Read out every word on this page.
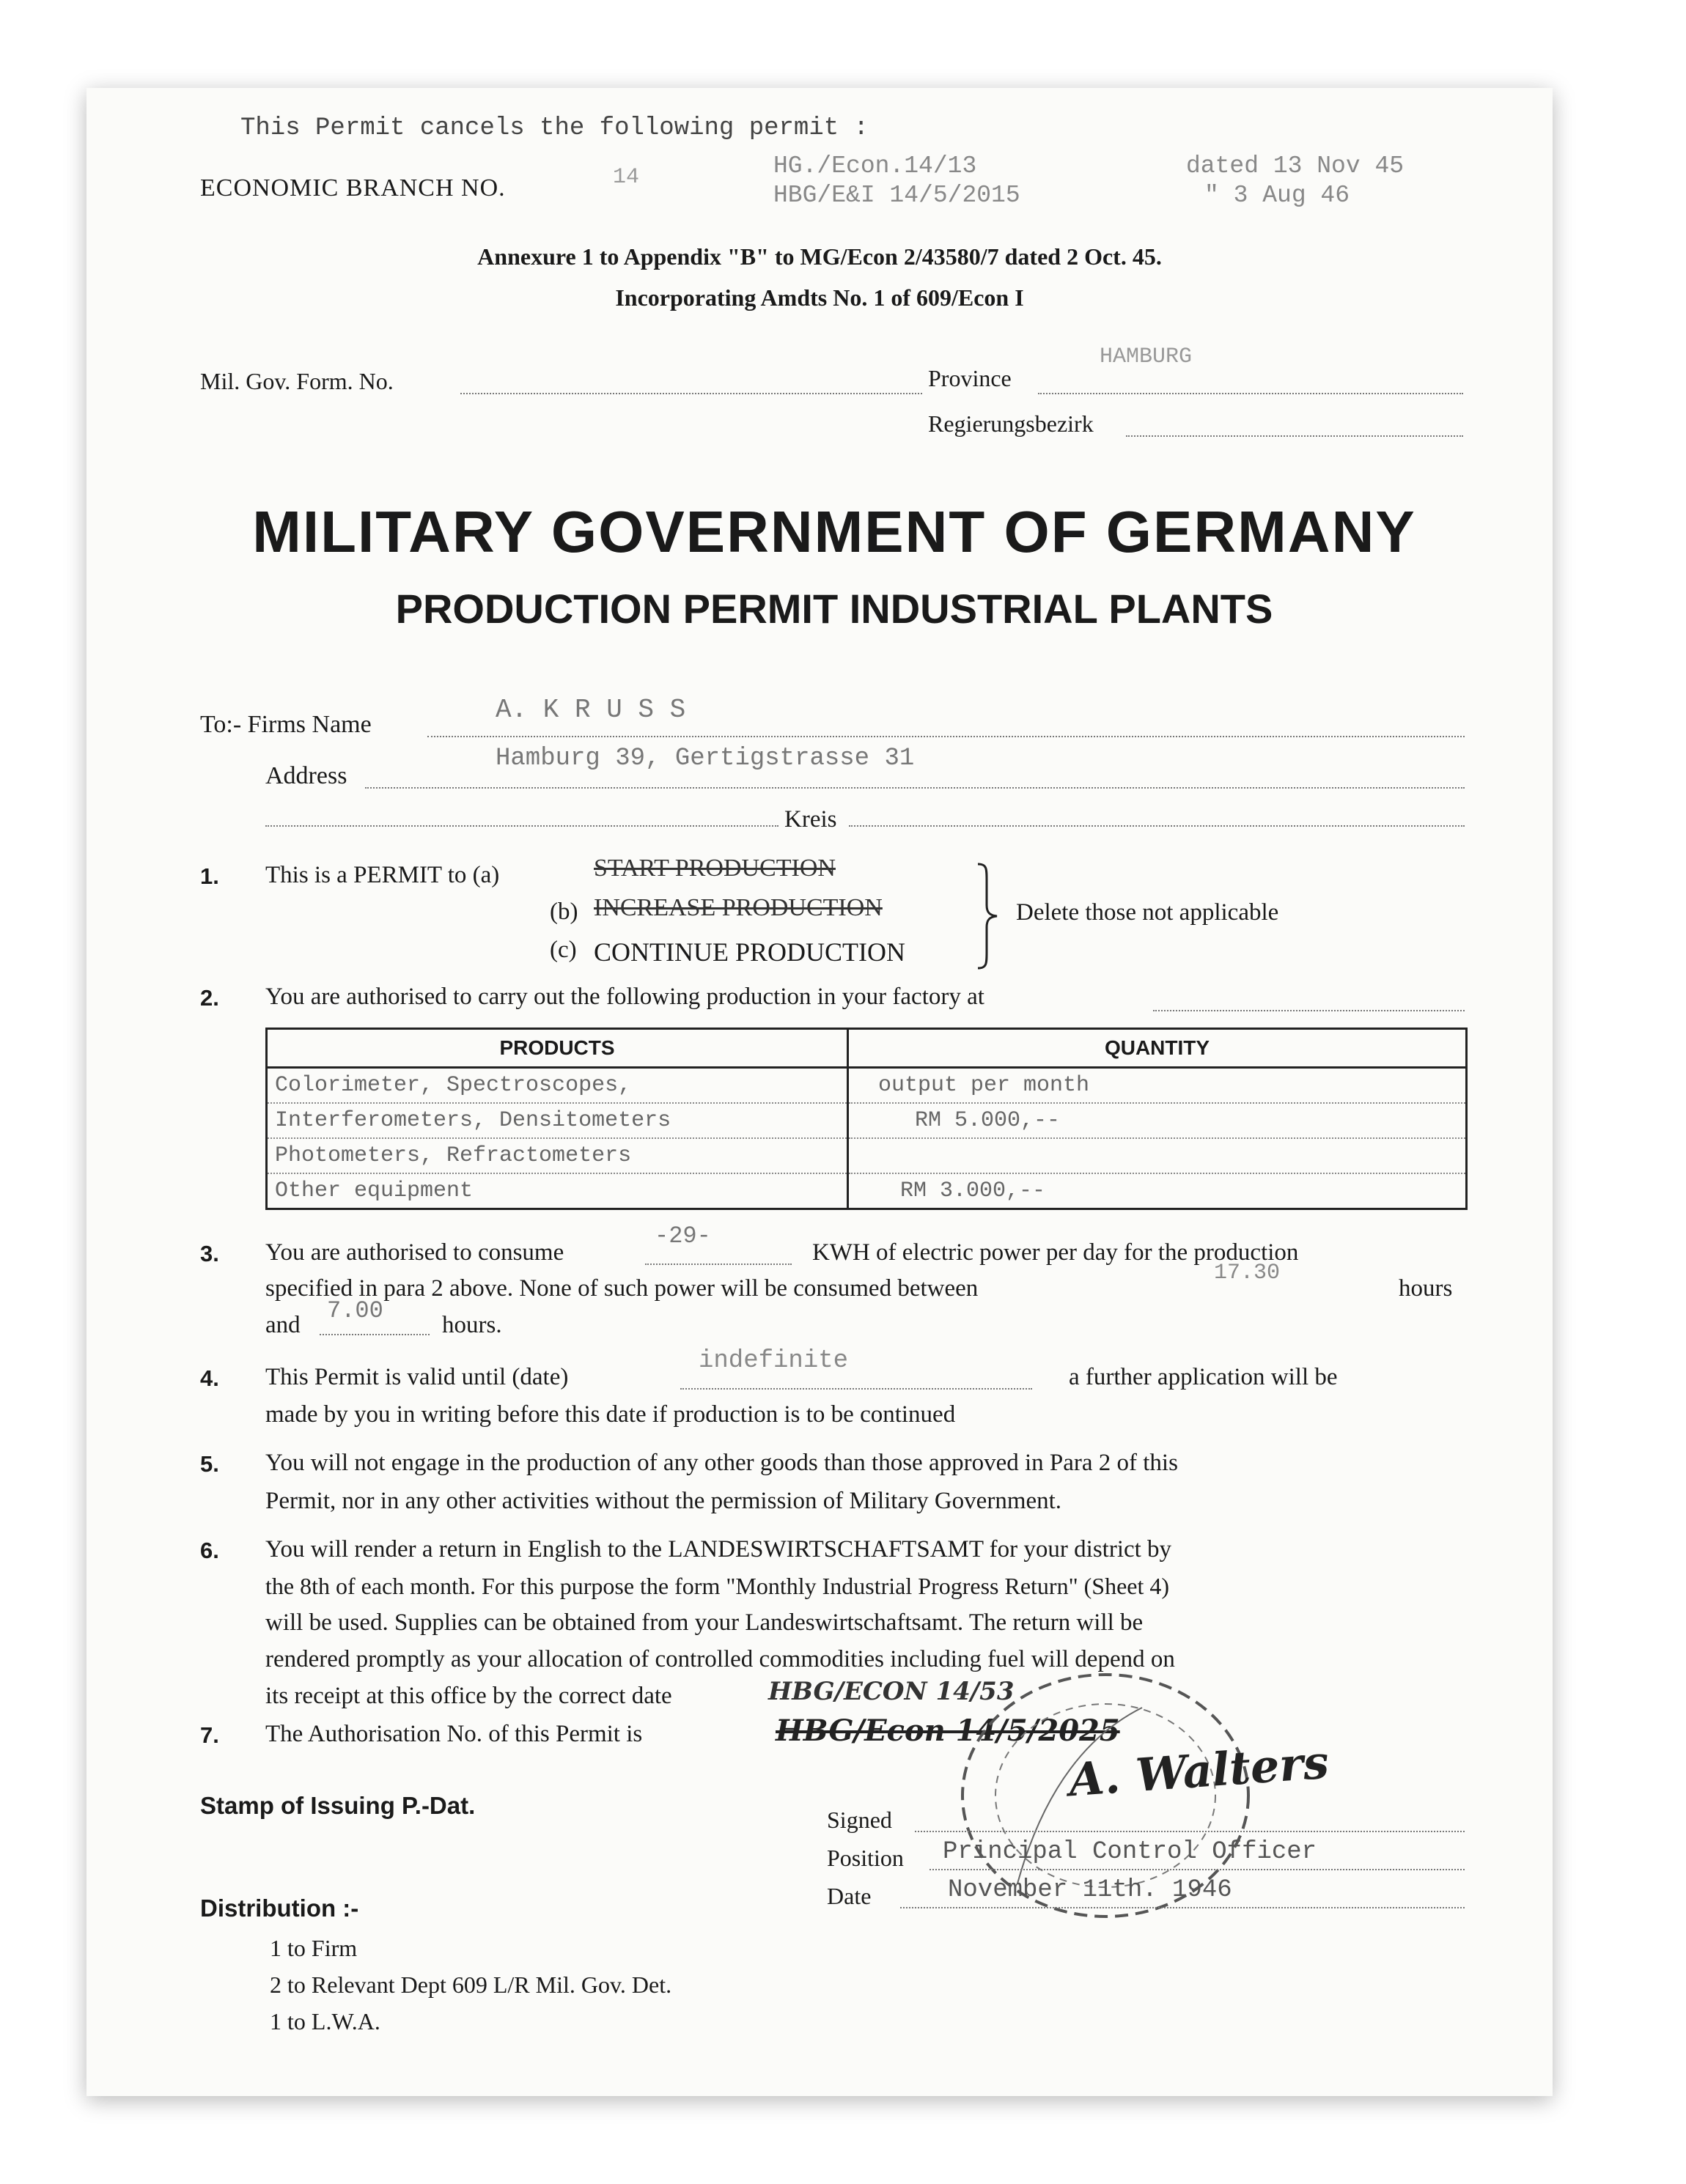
This Permit cancels the following permit :
ECONOMIC BRANCH NO.	14	HG./Econ.14/13	dated 13 Nov 45
HBG/E&I 14/5/2015	" 3 Aug 46
Annexure 1 to Appendix "B" to MG/Econ 2/43580/7 dated 2 Oct. 45.
Incorporating Amdts No. 1 of 609/Econ I
Mil. Gov. Form. No.	Province
HAMBURG
Regierungsbezirk
MILITARY GOVERNMENT OF GERMANY
PRODUCTION PERMIT INDUSTRIAL PLANTS
To:- Firms Name	A. K R U S S
Address
Hamburg 39, Gertigstrasse 31
Kreis
1. This is a PERMIT to (a)	START PRODUCTION
(b) INCREASE PRODUCTION
(c) CONTINUE PRODUCTION
Delete those not applicable
2. You are authorised to carry out the following production in your factory at
PRODUCTS	QUANTITY
Colorimeter, Spectroscopes,	output per month
Interferometers, Densitometers	RM 5.000,--
Photometers, Refractometers	
Other equipment	RM 3.000,--
3. You are authorised to consume
-29-
KWH of electric power per day for the production
specified in para 2 above. None of such power will be consumed between
17.30
hours
and
7.00
hours.
4. This Permit is valid until (date)
indefinite
a further application will be
made by you in writing before this date if production is to be continued
5. You will not engage in the production of any other goods than those approved in Para 2 of this
Permit, nor in any other activities without the permission of Military Government.
6. You will render a return in English to the LANDESWIRTSCHAFTSAMT for your district by
the 8th of each month. For this purpose the form "Monthly Industrial Progress Return" (Sheet 4)
will be used. Supplies can be obtained from your Landeswirtschaftsamt. The return will be
rendered promptly as your allocation of controlled commodities including fuel will depend on
its receipt at this office by the correct date	HBG/ECON 14/53
7. The Authorisation No. of this Permit is	HBG/Econ 14/5/2025
A. Walters
Stamp of Issuing P.-Dat.
Signed
Position Principal Control Officer
Date	November 11th. 1946
Distribution :-
1 to Firm
2 to Relevant Dept 609 L/R Mil. Gov. Det.
1 to L.W.A.
